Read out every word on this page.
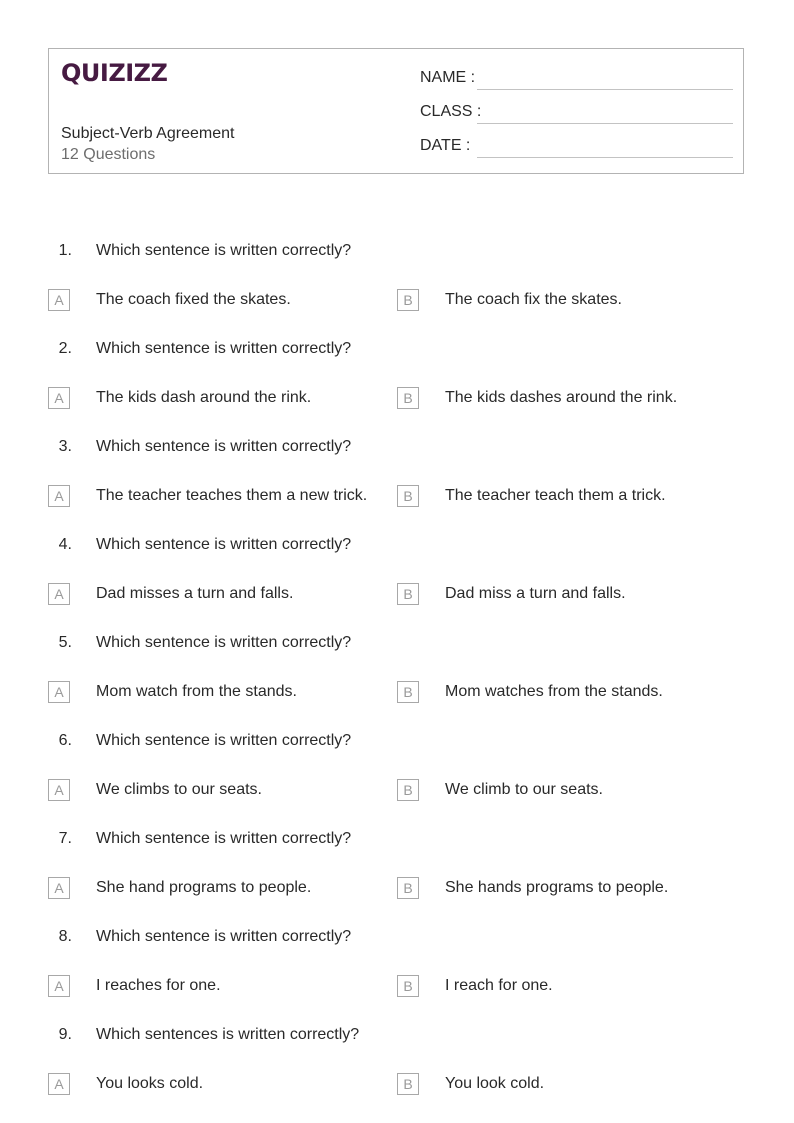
QUIZIZZ
Subject-Verb Agreement
12 Questions
NAME :
CLASS :
DATE :
1. Which sentence is written correctly?
A	The coach fixed the skates.	B	The coach fix the skates.
2. Which sentence is written correctly?
A	The kids dash around the rink.	B	The kids dashes around the rink.
3. Which sentence is written correctly?
A	The teacher teaches them a new trick.	B	The teacher teach them a trick.
4. Which sentence is written correctly?
A	Dad misses a turn and falls.	B	Dad miss a turn and falls.
5. Which sentence is written correctly?
A	Mom watch from the stands.	B	Mom watches from the stands.
6. Which sentence is written correctly?
A	We climbs to our seats.	B	We climb to our seats.
7. Which sentence is written correctly?
A	She hand programs to people.	B	She hands programs to people.
8. Which sentence is written correctly?
A	I reaches for one.	B	I reach for one.
9. Which sentences is written correctly?
A	You looks cold.	B	You look cold.
